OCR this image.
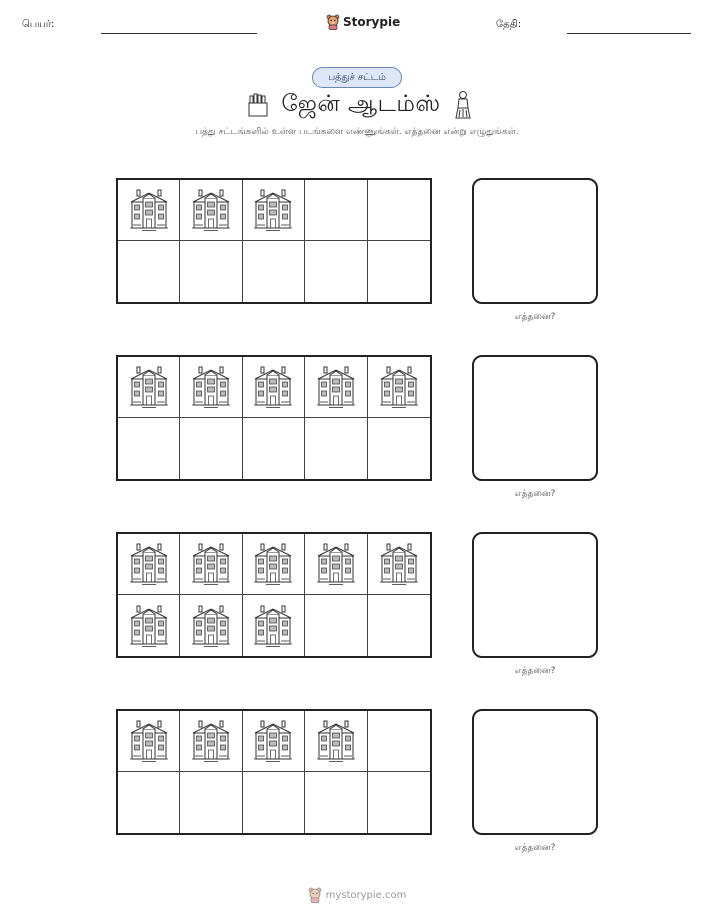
பெயர்:	Storypie	தேதி:
பத்துச் சட்டம்
ஜேன் ஆடம்ஸ்
பத்து சட்டங்களில் உள்ள படங்களை எண்ணுங்கள். எத்தனை என்று எழுதுங்கள்.
எத்தனை?
எத்தனை?
எத்தனை?
எத்தனை?
mystorypie.com
